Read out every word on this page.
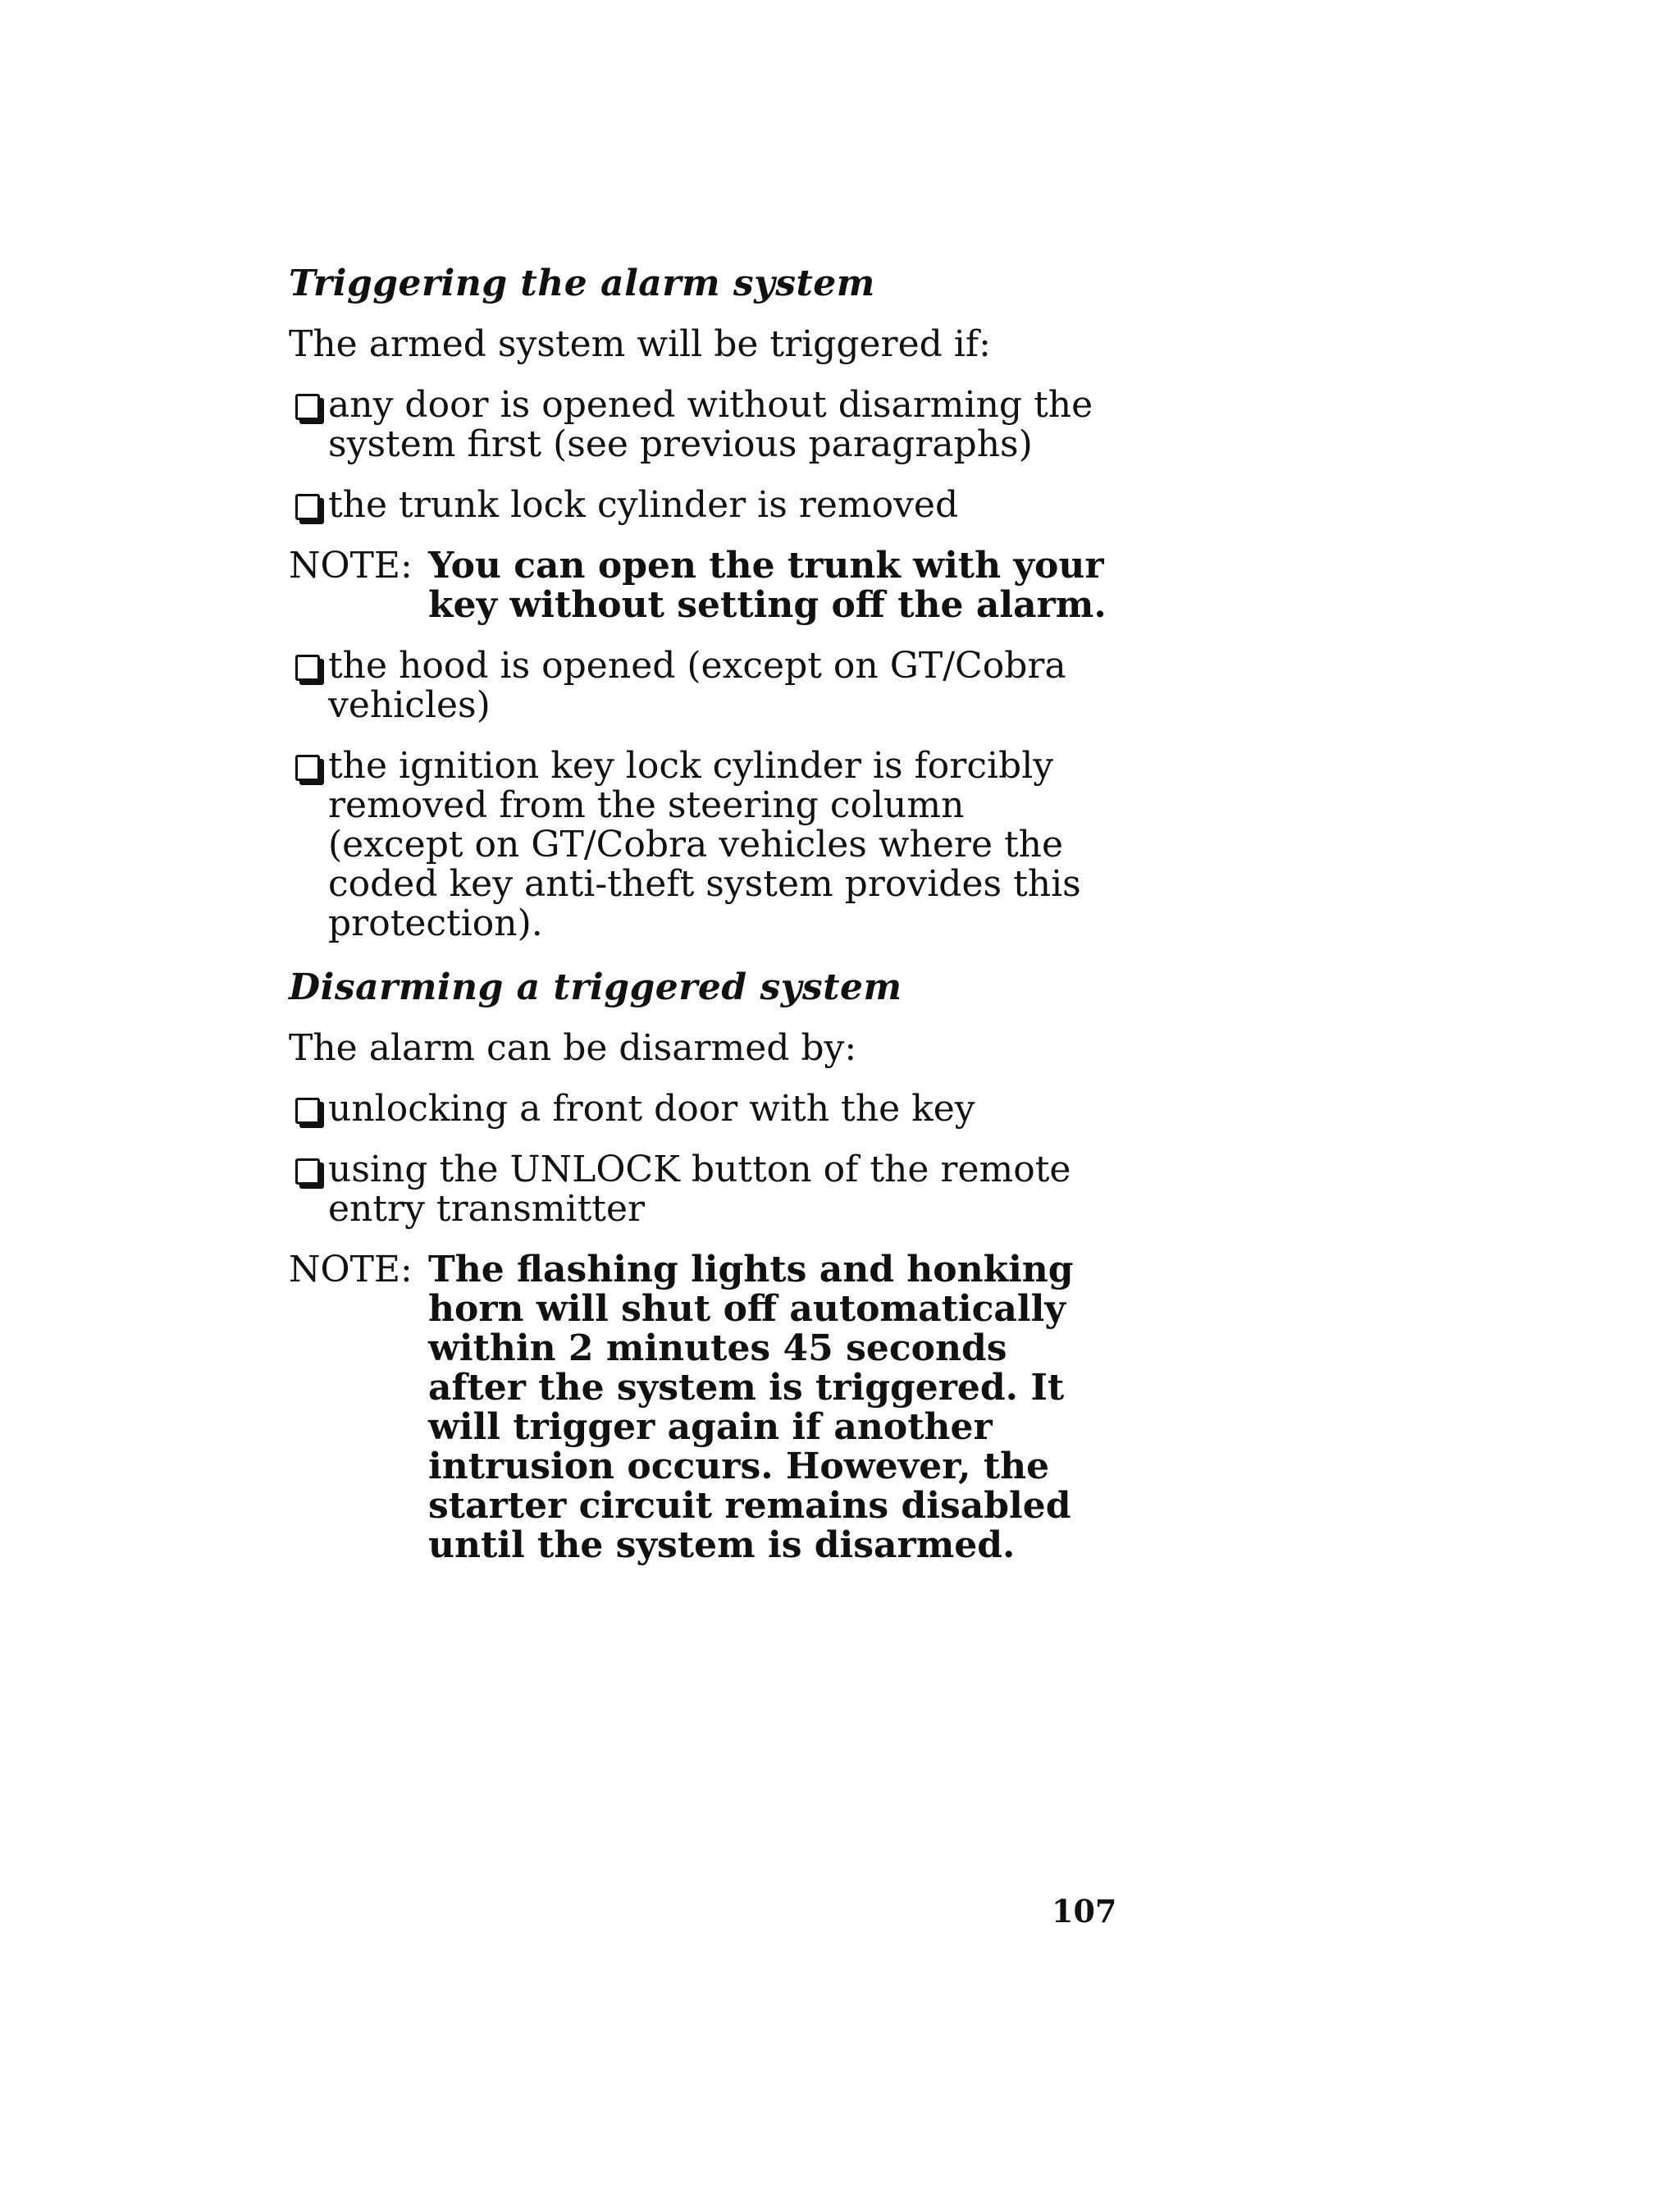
Triggering the alarm system
The armed system will be triggered if:
any door is opened without disarming the system first (see previous paragraphs)
the trunk lock cylinder is removed
NOTE: You can open the trunk with your key without setting off the alarm.
the hood is opened (except on GT/Cobra vehicles)
the ignition key lock cylinder is forcibly removed from the steering column (except on GT/Cobra vehicles where the coded key anti-theft system provides this protection).
Disarming a triggered system
The alarm can be disarmed by:
unlocking a front door with the key
using the UNLOCK button of the remote entry transmitter
NOTE: The flashing lights and honking horn will shut off automatically within 2 minutes 45 seconds after the system is triggered. It will trigger again if another intrusion occurs. However, the starter circuit remains disabled until the system is disarmed.
107
